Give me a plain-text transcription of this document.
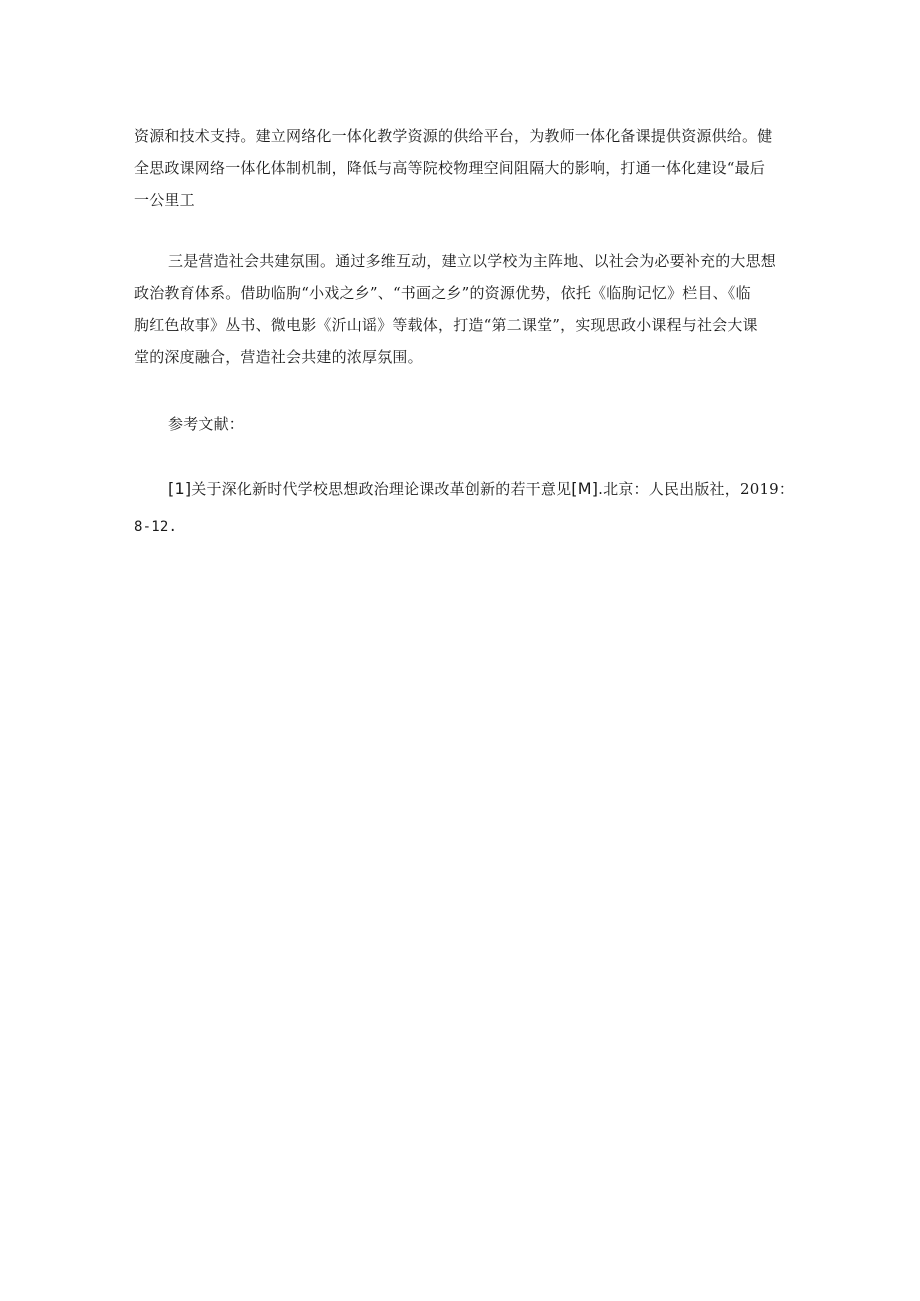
资源和技术支持。建立网络化一体化教学资源的供给平台，为教师一体化备课提供资源供给。健
全思政课网络一体化体制机制，降低与高等院校物理空间阻隔大的影响，打通一体化建设“最后
一公里工

三是营造社会共建氛围。通过多维互动，建立以学校为主阵地、以社会为必要补充的大思想
政治教育体系。借助临朐“小戏之乡”、“书画之乡”的资源优势，依托《临朐记忆》栏目、《临
朐红色故事》丛书、微电影《沂山谣》等载体，打造“第二课堂”，实现思政小课程与社会大课
堂的深度融合，营造社会共建的浓厚氛围。

参考文献：

[1]关于深化新时代学校思想政治理论课改革创新的若干意见[M].北京：人民出版社，2019：
8-12.
